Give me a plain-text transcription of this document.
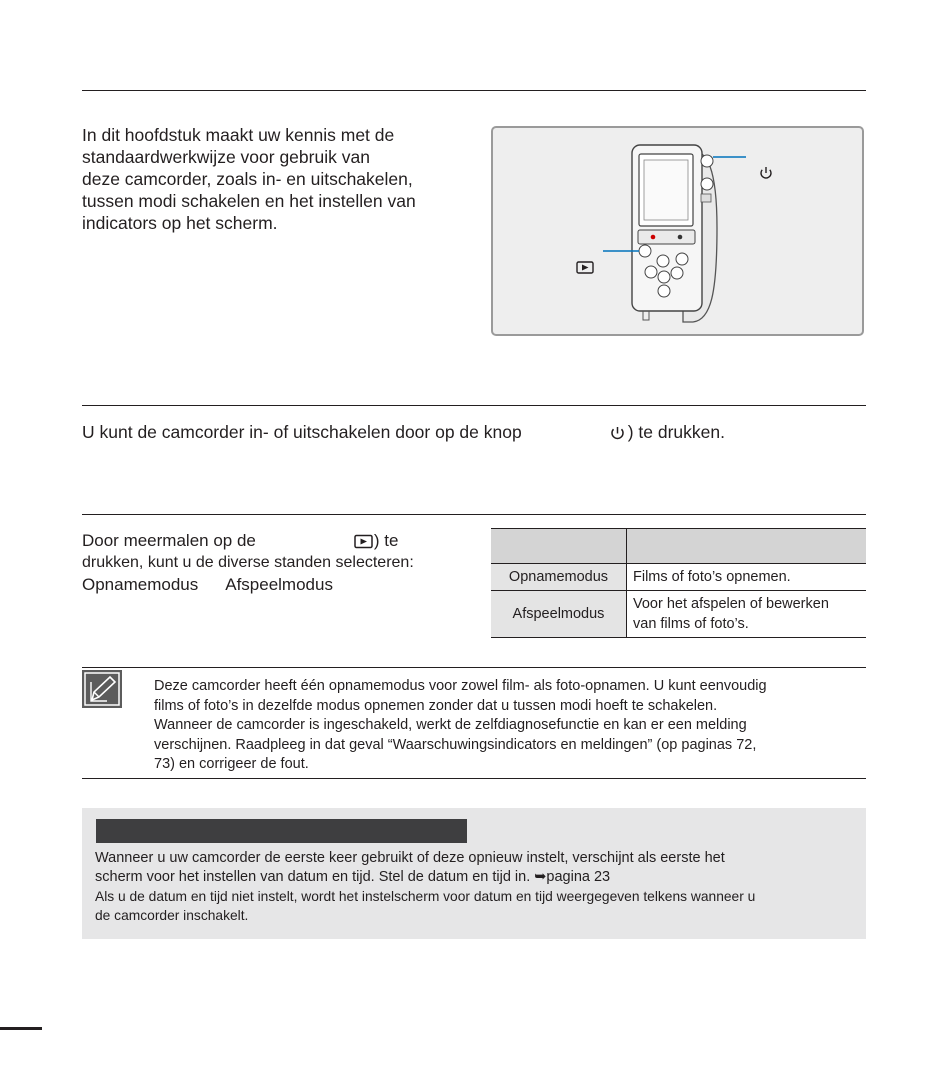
In dit hoofdstuk maakt uw kennis met de
standaardwerkwijze voor gebruik van
deze camcorder, zoals in- en uitschakelen,
tussen modi schakelen en het instellen van
indicators op het scherm.
U kunt de camcorder in- of uitschakelen door op de knop	) te drukken.
Door meermalen op de	) te
drukken, kunt u de diverse standen selecteren:
Opnamemodus Afspeelmodus
		Opnamemodus	Films of foto’s opnemen.

Afspeelmodus	Voor het afspelen of bewerken
van films of foto’s.
Deze camcorder heeft één opnamemodus voor zowel film- als foto-opnamen. U kunt eenvoudig
films of foto’s in dezelfde modus opnemen zonder dat u tussen modi hoeft te schakelen.
Wanneer de camcorder is ingeschakeld, werkt de zelfdiagnosefunctie en kan er een melding
verschijnen. Raadpleeg in dat geval “Waarschuwingsindicators en meldingen” (op paginas 72,
73) en corrigeer de fout.
Wanneer u uw camcorder de eerste keer gebruikt of deze opnieuw instelt, verschijnt als eerste het
scherm voor het instellen van datum en tijd. Stel de datum en tijd in. ➥pagina 23
Als u de datum en tijd niet instelt, wordt het instelscherm voor datum en tijd weergegeven telkens wanneer u
de camcorder inschakelt.
